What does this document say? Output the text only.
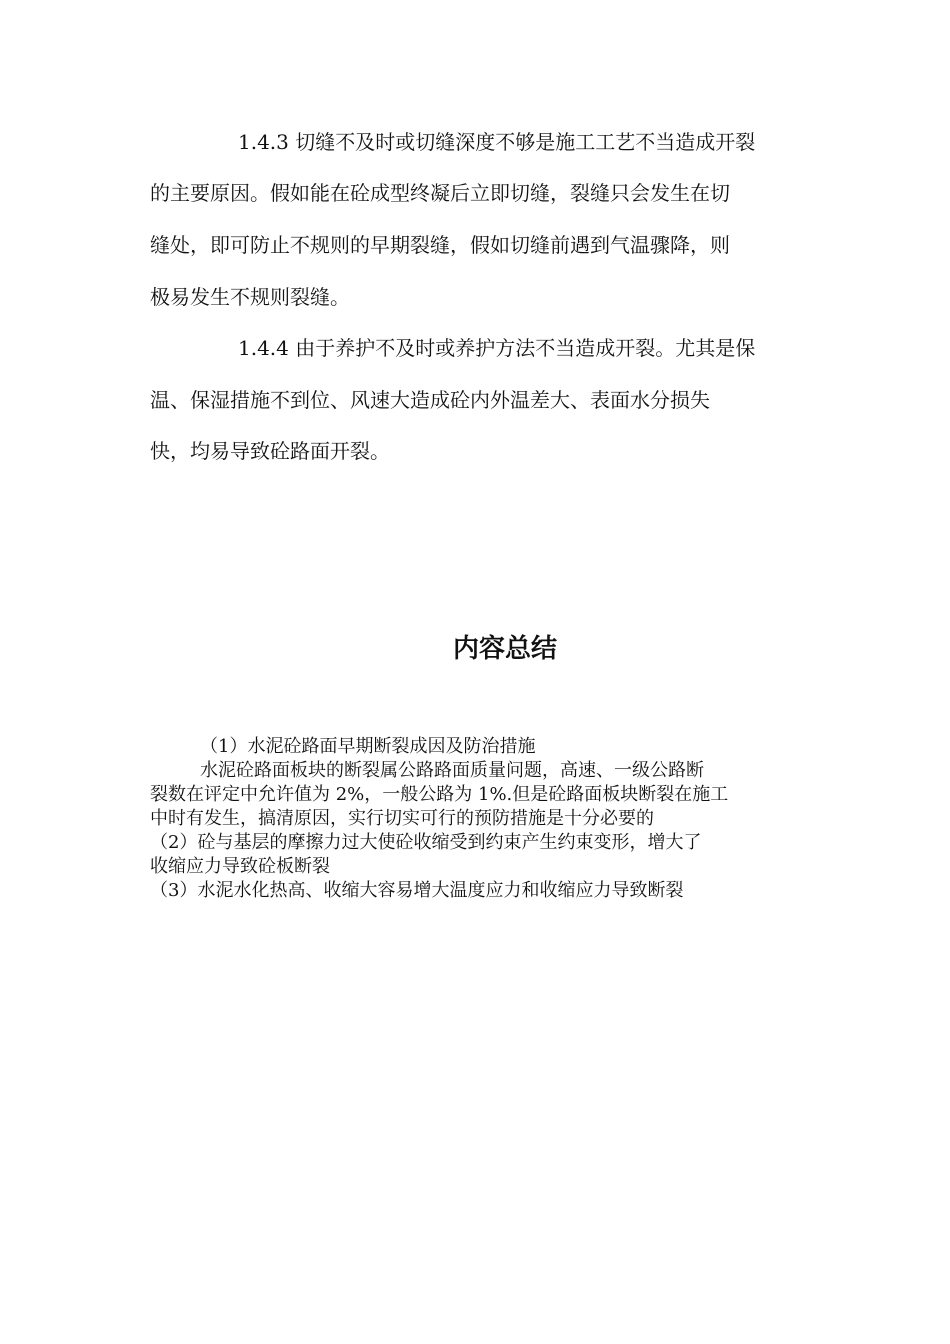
1.4.3 切缝不及时或切缝深度不够是施工工艺不当造成开裂

的主要原因。假如能在砼成型终凝后立即切缝，裂缝只会发生在切

缝处，即可防止不规则的早期裂缝，假如切缝前遇到气温骤降，则

极易发生不规则裂缝。

1.4.4 由于养护不及时或养护方法不当造成开裂。尤其是保

温、保湿措施不到位、风速大造成砼内外温差大、表面水分损失

快，均易导致砼路面开裂。

内容总结

（1）水泥砼路面早期断裂成因及防治措施

水泥砼路面板块的断裂属公路路面质量问题，高速、一级公路断

裂数在评定中允许值为 2%，一般公路为 1%.但是砼路面板块断裂在施工

中时有发生，搞清原因，实行切实可行的预防措施是十分必要的

（2）砼与基层的摩擦力过大使砼收缩受到约束产生约束变形，增大了

收缩应力导致砼板断裂

（3）水泥水化热高、收缩大容易增大温度应力和收缩应力导致断裂
